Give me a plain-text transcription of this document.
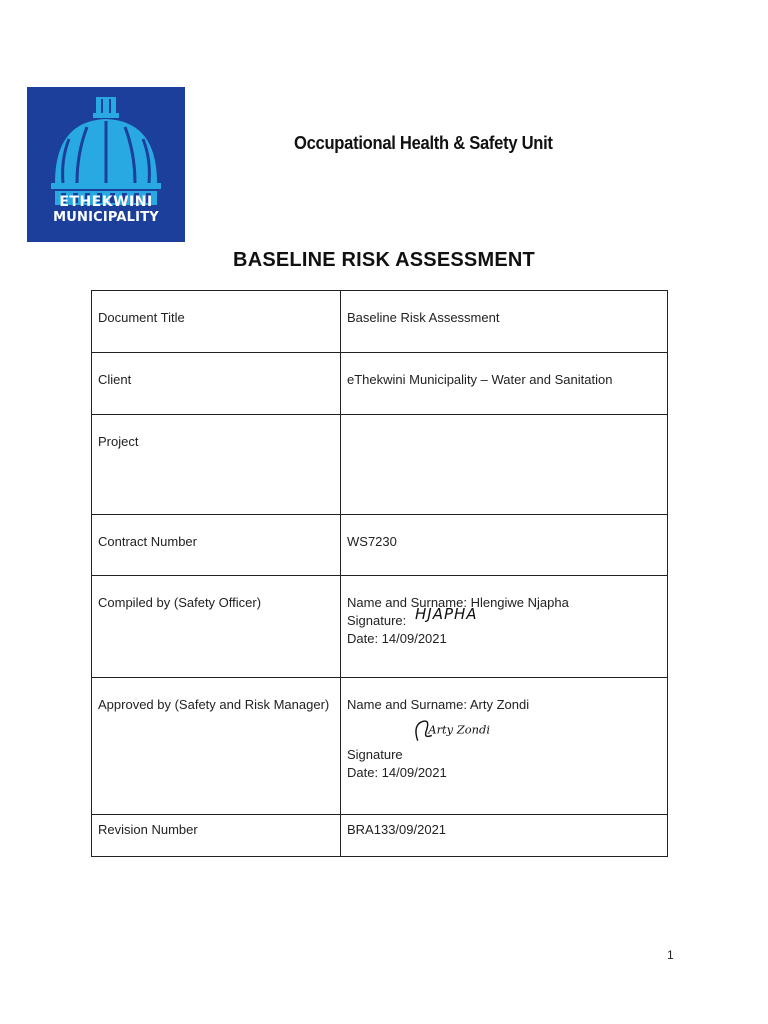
ETHEKWINI
MUNICIPALITY
Occupational Health & Safety Unit
BASELINE RISK ASSESSMENT
Document Title	Baseline Risk Assessment
Client	eThekwini Municipality – Water and Sanitation
Project	
Contract Number	WS7230
Compiled by (Safety Officer)	Name and Surname: Hlengiwe Njapha
Signature: HJAPHA
Date: 14/09/2021

Approved by (Safety and Risk Manager)	Name and Surname: Arty Zondi
Arty Zondi
Signature
Date: 14/09/2021

Revision Number	BRA133/09/2021
1
